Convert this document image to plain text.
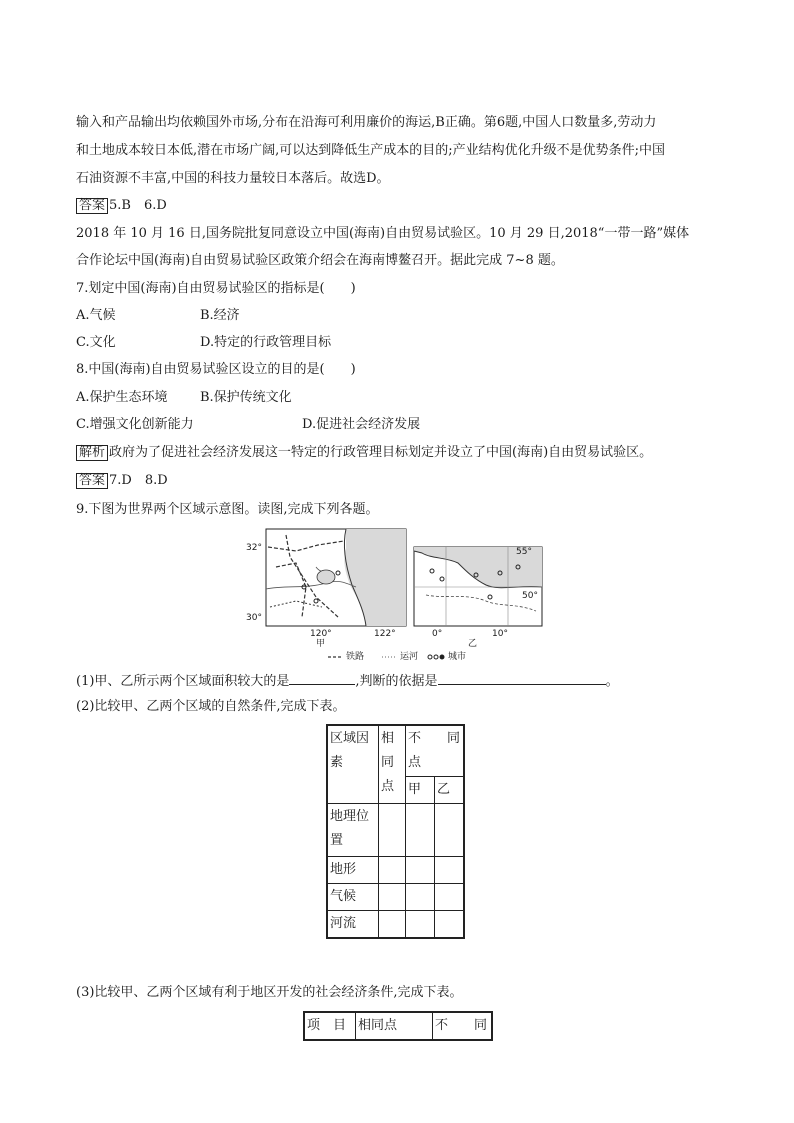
输入和产品输出均依赖国外市场,分布在沿海可利用廉价的海运,B正确。第6题,中国人口数量多,劳动力
和土地成本较日本低,潜在市场广阔,可以达到降低生产成本的目的;产业结构优化升级不是优势条件;中国
石油资源不丰富,中国的科技力量较日本落后。故选D。
答案 5.B　6.D
2018 年 10 月 16 日,国务院批复同意设立中国(海南)自由贸易试验区。10 月 29 日,2018“一带一路”媒体
合作论坛中国(海南)自由贸易试验区政策介绍会在海南博鳌召开。据此完成 7~8 题。
7.划定中国(海南)自由贸易试验区的指标是(　　)
A.气候	B.经济
C.文化	D.特定的行政管理目标
8.中国(海南)自由贸易试验区设立的目的是(　　)
A.保护生态环境 B.保护传统文化
C.增强文化创新能力	D.促进社会经济发展
解析 政府为了促进社会经济发展这一特定的行政管理目标划定并设立了中国(海南)自由贸易试验区。
答案 7.D　8.D
9.下图为世界两个区域示意图。读图,完成下列各题。
32°
30°
120°	122°
甲
55°
50°
0°	10°
乙
铁路	运河	城市
(1)甲、乙所示两个区域面积较大的是	,判断的依据是	。
(2)比较甲、乙两个区域的自然条件,完成下表。
区域因素	相同点	不　　同点	
		甲	乙
地理位置			
地形			
气候			
河流			
(3)比较甲、乙两个区域有利于地区开发的社会经济条件,完成下表。
项　目	相同点	不　　同
